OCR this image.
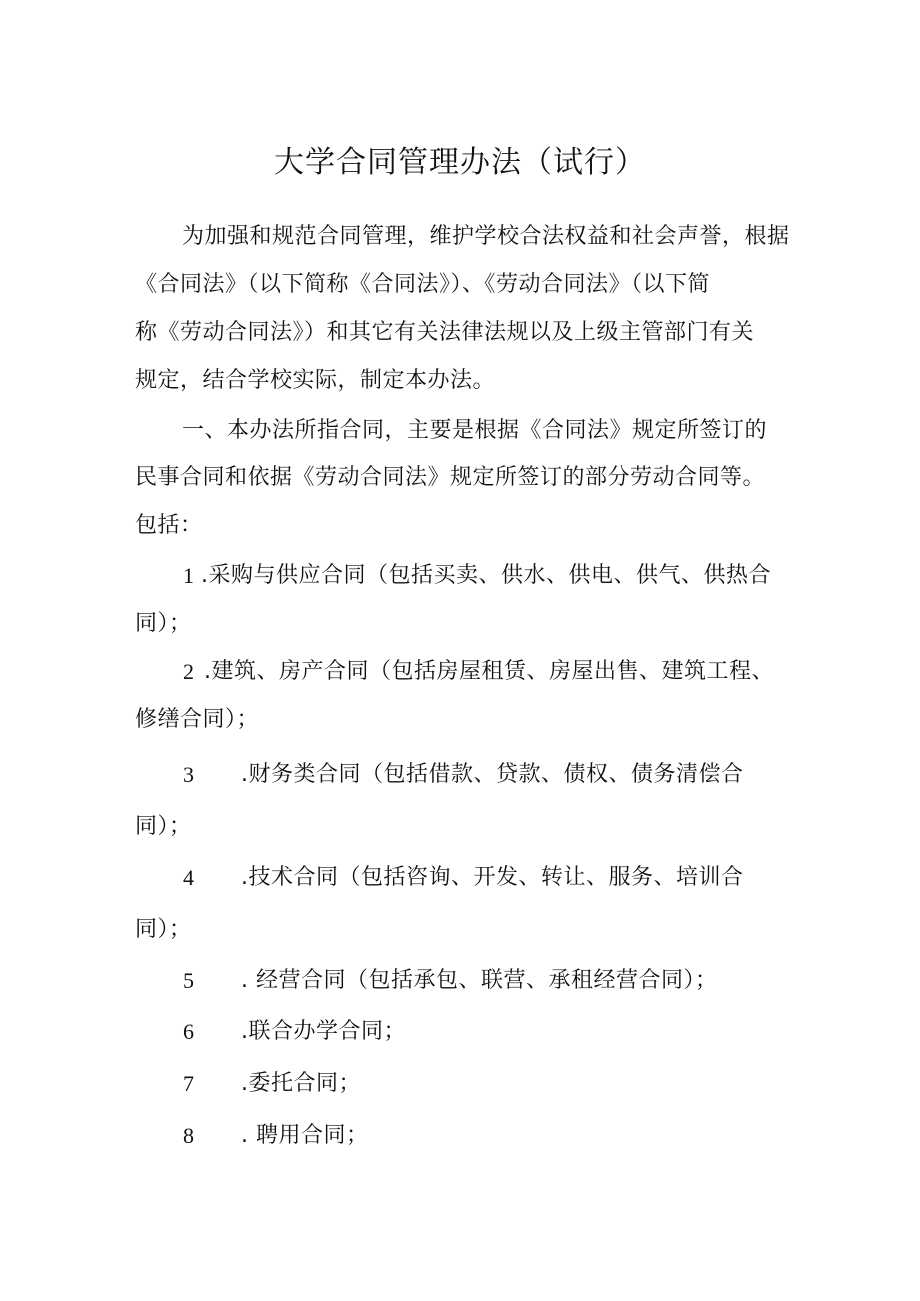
大学合同管理办法（试行）
为加强和规范合同管理，维护学校合法权益和社会声誉，根据
《合同法》（以下简称《合同法》）、《劳动合同法》（以下简
称《劳动合同法》）和其它有关法律法规以及上级主管部门有关
规定，结合学校实际，制定本办法。
一、本办法所指合同，主要是根据《合同法》规定所签订的
民事合同和依据《劳动合同法》规定所签订的部分劳动合同等。
包括：
1 .采购与供应合同（包括买卖、供水、供电、供气、供热合
同）；
2 .建筑、房产合同（包括房屋租赁、房屋出售、建筑工程、
修缮合同）；
3 .财务类合同（包括借款、贷款、债权、债务清偿合
同）；
4 .技术合同（包括咨询、开发、转让、服务、培训合
同）；
5 . 经营合同（包括承包、联营、承租经营合同）；
6 .联合办学合同；
7 .委托合同；
8 . 聘用合同；
